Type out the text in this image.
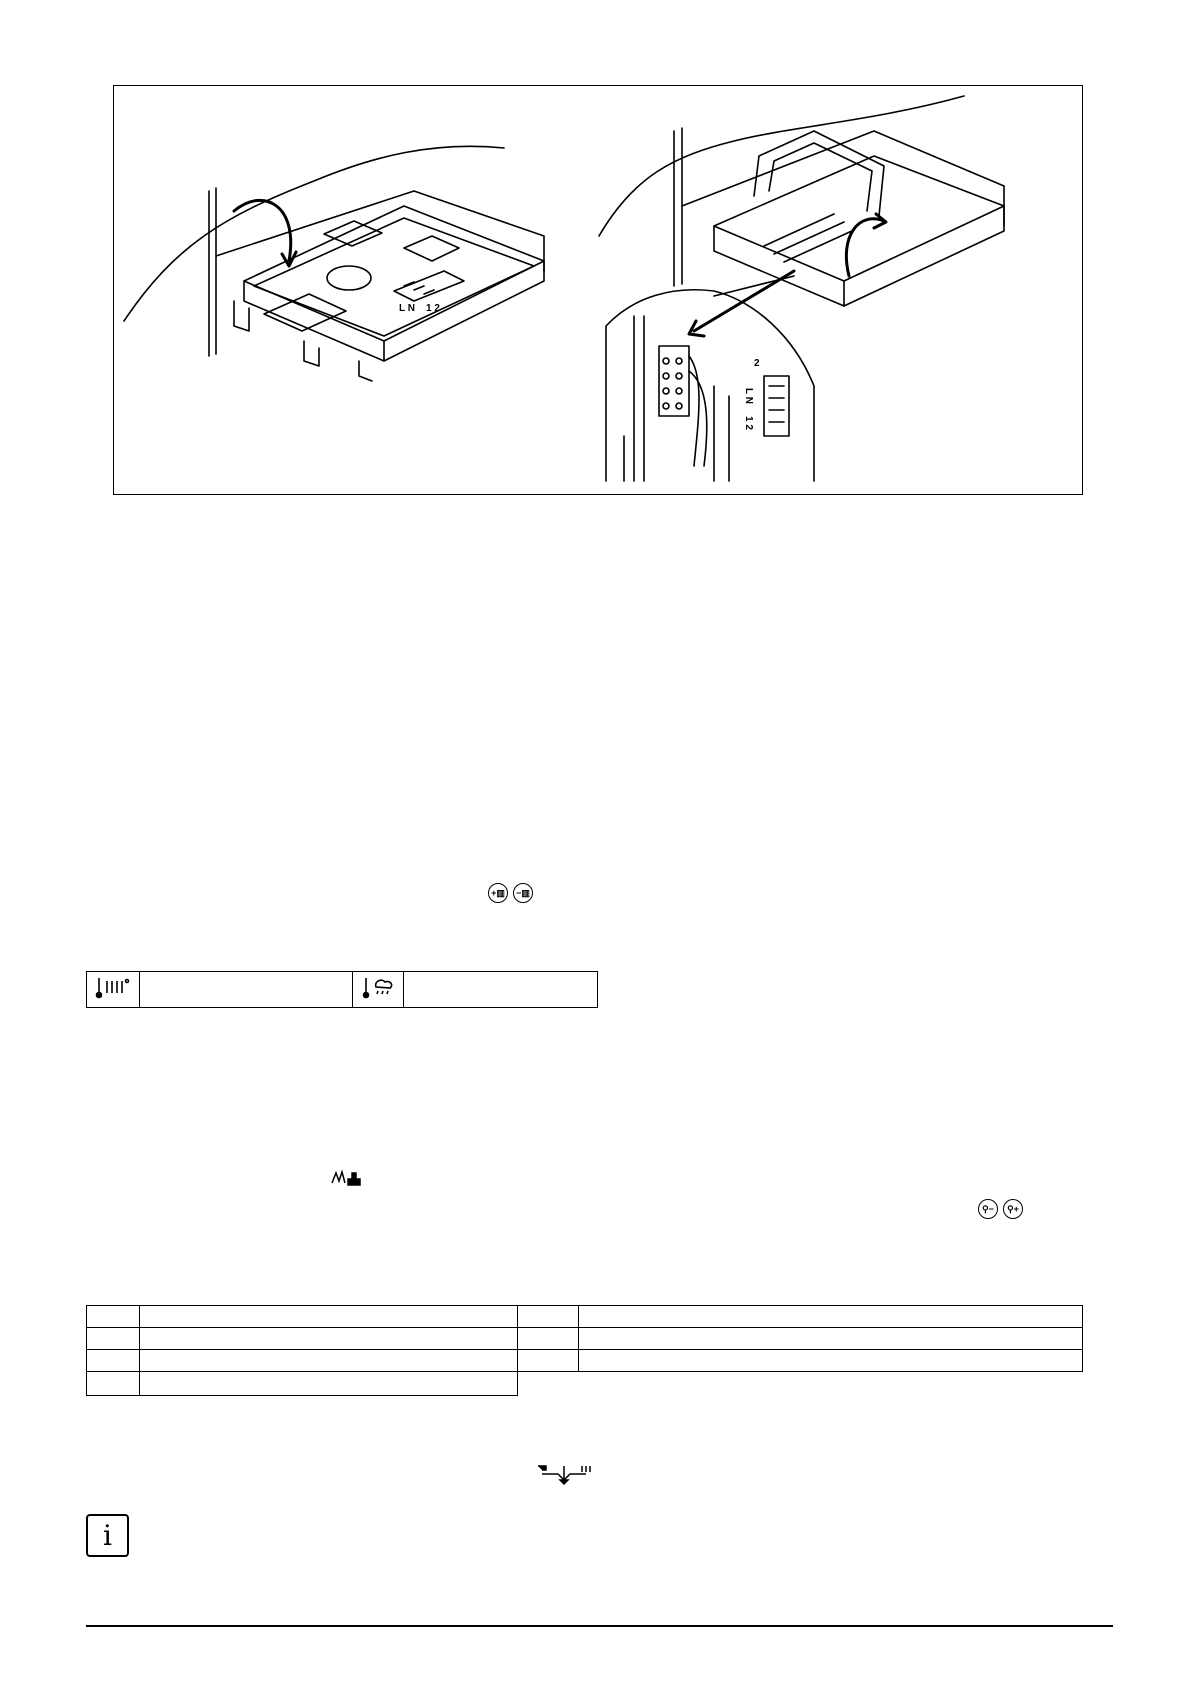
L N 1 2
L N
1 2
2
+▥	−▥

⚲−	⚲+

i
